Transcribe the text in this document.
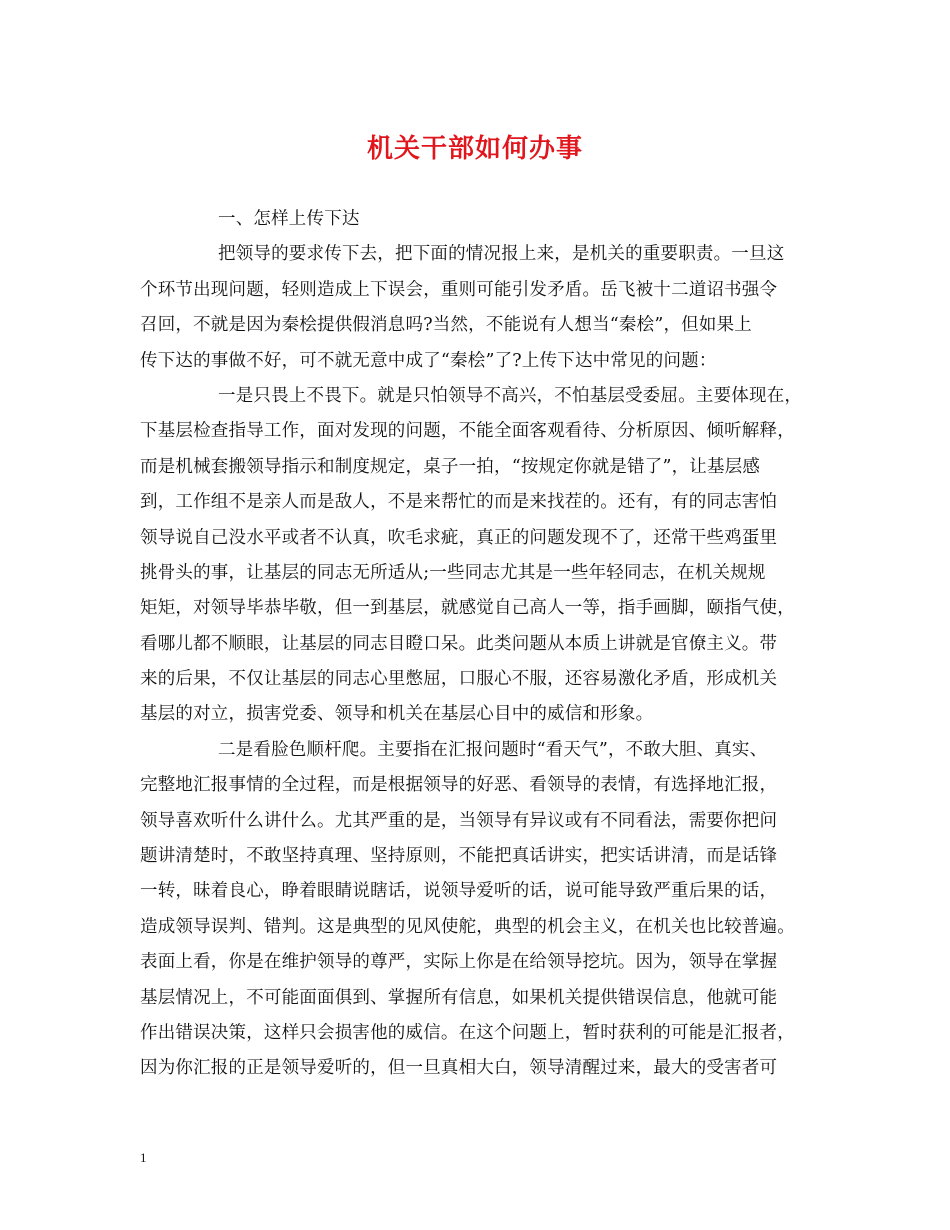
机关干部如何办事
一、怎样上传下达
把领导的要求传下去，把下面的情况报上来，是机关的重要职责。一旦这
个环节出现问题，轻则造成上下误会，重则可能引发矛盾。岳飞被十二道诏书强令
召回，不就是因为秦桧提供假消息吗?当然，不能说有人想当“秦桧”，但如果上
传下达的事做不好，可不就无意中成了“秦桧”了?上传下达中常见的问题：
一是只畏上不畏下。就是只怕领导不高兴，不怕基层受委屈。主要体现在，
下基层检查指导工作，面对发现的问题，不能全面客观看待、分析原因、倾听解释，
而是机械套搬领导指示和制度规定，桌子一拍，“按规定你就是错了”，让基层感
到，工作组不是亲人而是敌人，不是来帮忙的而是来找茬的。还有，有的同志害怕
领导说自己没水平或者不认真，吹毛求疵，真正的问题发现不了，还常干些鸡蛋里
挑骨头的事，让基层的同志无所适从;一些同志尤其是一些年轻同志，在机关规规
矩矩，对领导毕恭毕敬，但一到基层，就感觉自己高人一等，指手画脚，颐指气使，
看哪儿都不顺眼，让基层的同志目瞪口呆。此类问题从本质上讲就是官僚主义。带
来的后果，不仅让基层的同志心里憋屈，口服心不服，还容易激化矛盾，形成机关
基层的对立，损害党委、领导和机关在基层心目中的威信和形象。
二是看脸色顺杆爬。主要指在汇报问题时“看天气”，不敢大胆、真实、
完整地汇报事情的全过程，而是根据领导的好恶、看领导的表情，有选择地汇报，
领导喜欢听什么讲什么。尤其严重的是，当领导有异议或有不同看法，需要你把问
题讲清楚时，不敢坚持真理、坚持原则，不能把真话讲实，把实话讲清，而是话锋
一转，昧着良心，睁着眼睛说瞎话，说领导爱听的话，说可能导致严重后果的话，
造成领导误判、错判。这是典型的见风使舵，典型的机会主义，在机关也比较普遍。
表面上看，你是在维护领导的尊严，实际上你是在给领导挖坑。因为，领导在掌握
基层情况上，不可能面面俱到、掌握所有信息，如果机关提供错误信息，他就可能
作出错误决策，这样只会损害他的威信。在这个问题上，暂时获利的可能是汇报者，
因为你汇报的正是领导爱听的，但一旦真相大白，领导清醒过来，最大的受害者可
1
